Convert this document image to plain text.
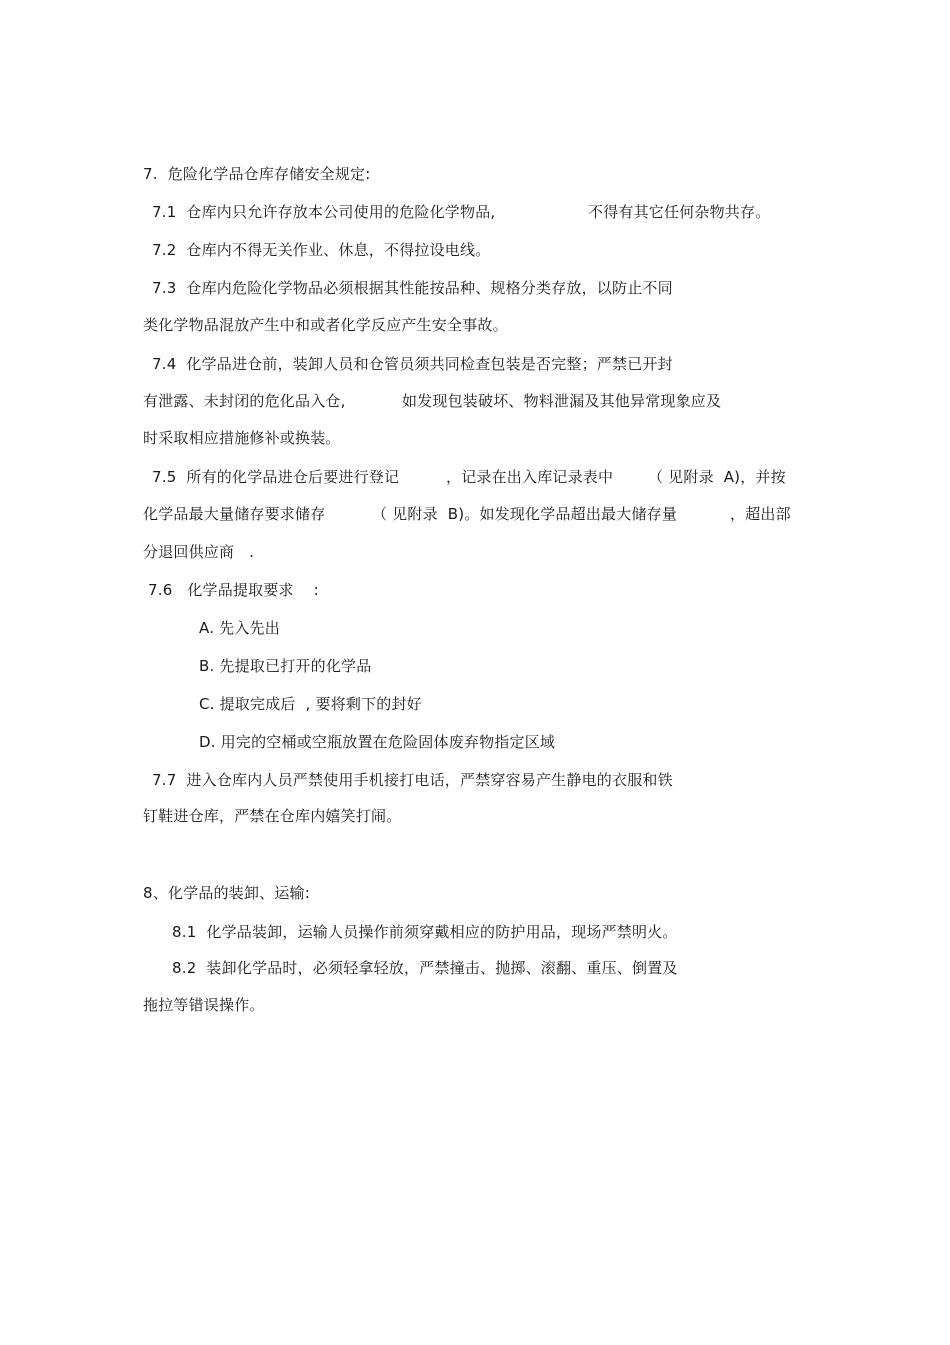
7.  危险化学品仓库存储安全规定:
7.1  仓库内只允许存放本公司使用的危险化学物品,	不得有其它任何杂物共存。
7.2  仓库内不得无关作业、休息，不得拉设电线。
7.3  仓库内危险化学物品必须根据其性能按品种、规格分类存放，以防止不同
类化学物品混放产生中和或者化学反应产生安全事故。
7.4  化学品进仓前，装卸人员和仓管员须共同检查包装是否完整；严禁已开封
有泄露、未封闭的危化品入仓,	如发现包装破坏、物料泄漏及其他异常现象应及
时采取相应措施修补或换装。
7.5  所有的化学品进仓后要进行登记	，记录在出入库记录表中 （ 见附录  A)，并按
化学品最大量储存要求储存	（ 见附录  B)。如发现化学品超出最大储存量	，超出部
分退回供应商   .
7.6   化学品提取要求    :
A. 先入先出
B. 先提取已打开的化学品
C. 提取完成后  , 要将剩下的封好
D. 用完的空桶或空瓶放置在危险固体废弃物指定区域
7.7  进入仓库内人员严禁使用手机接打电话，严禁穿容易产生静电的衣服和铁
钉鞋进仓库，严禁在仓库内嬉笑打闹。
8、化学品的装卸、运输:
8.1  化学品装卸，运输人员操作前须穿戴相应的防护用品，现场严禁明火。
8.2  装卸化学品时，必须轻拿轻放，严禁撞击、抛掷、滚翻、重压、倒置及
拖拉等错误操作。
